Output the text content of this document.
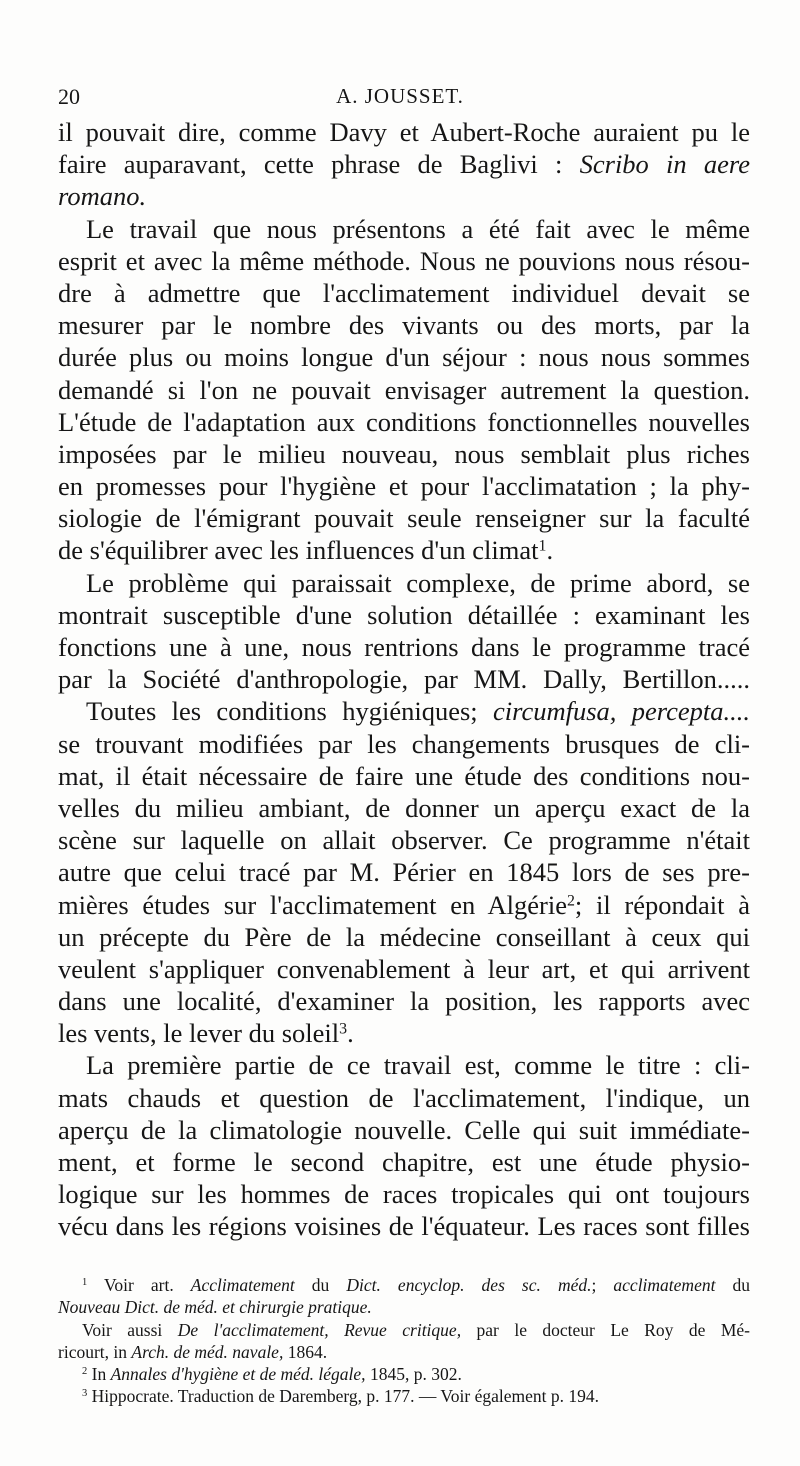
20	A. JOUSSET.
il pouvait dire, comme Davy et Aubert-Roche auraient pu le
faire auparavant, cette phrase de Baglivi : Scribo in aere
romano.
Le travail que nous présentons a été fait avec le même
esprit et avec la même méthode. Nous ne pouvions nous résou-
dre à admettre que l'acclimatement individuel devait se
mesurer par le nombre des vivants ou des morts, par la
durée plus ou moins longue d'un séjour : nous nous sommes
demandé si l'on ne pouvait envisager autrement la question.
L'étude de l'adaptation aux conditions fonctionnelles nouvelles
imposées par le milieu nouveau, nous semblait plus riches
en promesses pour l'hygiène et pour l'acclimatation ; la phy-
siologie de l'émigrant pouvait seule renseigner sur la faculté
de s'équilibrer avec les influences d'un climat$^1$.
Le problème qui paraissait complexe, de prime abord, se
montrait susceptible d'une solution détaillée : examinant les
fonctions une à une, nous rentrions dans le programme tracé
par la Société d'anthropologie, par MM. Dally, Bertillon.....
Toutes les conditions hygiéniques; circumfusa, percepta....
se trouvant modifiées par les changements brusques de cli-
mat, il était nécessaire de faire une étude des conditions nou-
velles du milieu ambiant, de donner un aperçu exact de la
scène sur laquelle on allait observer. Ce programme n'était
autre que celui tracé par M. Périer en 1845 lors de ses pre-
mières études sur l'acclimatement en Algérie$^2$; il répondait à
un précepte du Père de la médecine conseillant à ceux qui
veulent s'appliquer convenablement à leur art, et qui arrivent
dans une localité, d'examiner la position, les rapports avec
les vents, le lever du soleil$^3$.
La première partie de ce travail est, comme le titre : cli-
mats chauds et question de l'acclimatement, l'indique, un
aperçu de la climatologie nouvelle. Celle qui suit immédiate-
ment, et forme le second chapitre, est une étude physio-
logique sur les hommes de races tropicales qui ont toujours
vécu dans les régions voisines de l'équateur. Les races sont filles
$^1$ Voir art. Acclimatement du Dict. encyclop. des sc. méd.; acclimatement du
Nouveau Dict. de méd. et chirurgie pratique.
Voir aussi De l'acclimatement, Revue critique, par le docteur Le Roy de Mé-
ricourt, in Arch. de méd. navale, 1864.
$^2$ In Annales d'hygiène et de méd. légale, 1845, p. 302.
$^3$ Hippocrate. Traduction de Daremberg, p. 177. — Voir également p. 194.
